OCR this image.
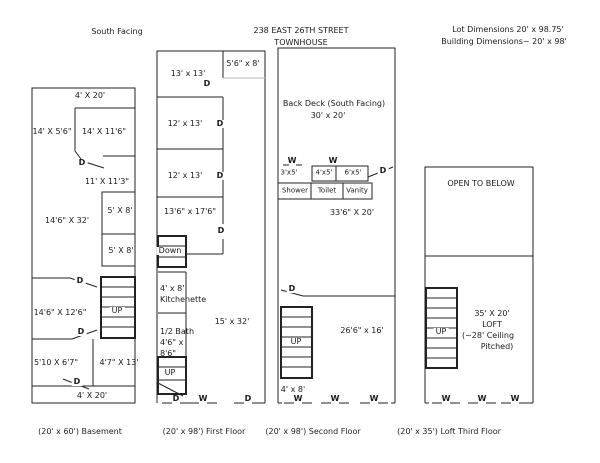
South Facing	238 EAST 26TH STREET
TOWNHOUSE
Lot Dimensions 20' x 98.75'
Building Dimensions~ 20' x 98'
4' X 20'
14' X 5'6" 14' X 11'6"
11' X 11'3"
5' X 8'
5' X 8'
14'6" X 32'
14'6" X 12'6"
5'10 X 6'7"	4'7" X 13'
4' X 20'
UP
D
D
D
D
(20' x 60') Basement
13' x 13'
5'6" x 8'
12' x 13'
12' x 13'
13'6" x 17'6"
Down
4' x 8'
Kitchenette
1/2 Bath
4'6" x
8'6"
15' x 32'
UP
D
D
D
D
D W	D
(20' x 98') First Floor
Back Deck (South Facing)
30' x 20'
W	W
3'x5'	4'x5' 6'x5'
Shower Toilet Vanity
D
33'6" X 20'
D
UP
26'6" x 16'
4' x 8'
W	W	W
(20' x 98') Second Floor
OPEN TO BELOW
UP
35' X 20'
LOFT
(~28' Ceiling
Pitched)
W	W	W
(20' x 35') Loft Third Floor
